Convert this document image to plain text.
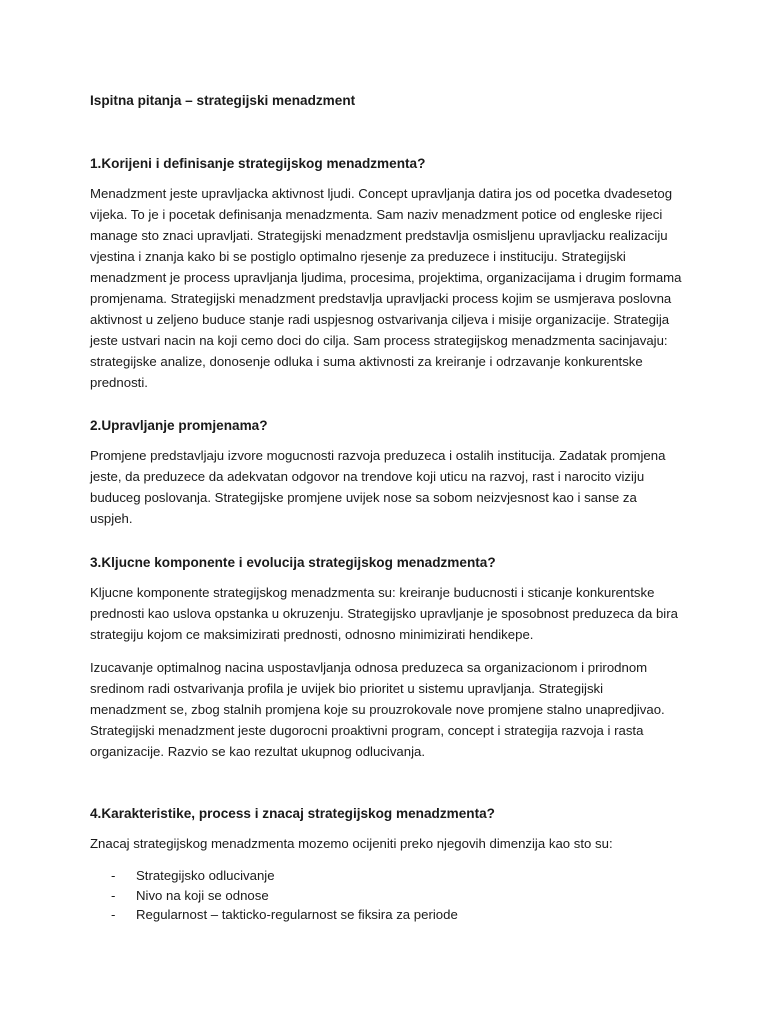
Ispitna pitanja – strategijski menadzment
1.Korijeni i definisanje strategijskog menadzmenta?

Menadzment jeste upravljacka aktivnost ljudi. Concept upravljanja datira jos od pocetka dvadesetog vijeka. To je i pocetak definisanja menadzmenta. Sam naziv menadzment potice od engleske rijeci manage sto znaci upravljati. Strategijski menadzment predstavlja osmisljenu upravljacku realizaciju vjestina i znanja kako bi se postiglo optimalno rjesenje za preduzece i instituciju. Strategijski menadzment je process upravljanja ljudima, procesima, projektima, organizacijama i drugim formama promjenama. Strategijski menadzment predstavlja upravljacki process kojim se usmjerava poslovna aktivnost u zeljeno buduce stanje radi uspjesnog ostvarivanja ciljeva i misije organizacije. Strategija jeste ustvari nacin na koji cemo doci do cilja. Sam process strategijskog menadzmenta sacinjavaju: strategijske analize, donosenje odluka i suma aktivnosti za kreiranje i odrzavanje konkurentske prednosti.

2.Upravljanje promjenama?

Promjene predstavljaju izvore mogucnosti razvoja preduzeca i ostalih institucija. Zadatak promjena jeste, da preduzece da adekvatan odgovor na trendove koji uticu na razvoj, rast i narocito viziju buduceg poslovanja. Strategijske promjene uvijek nose sa sobom neizvjesnost kao i sanse za uspjeh.

3.Kljucne komponente i evolucija strategijskog menadzmenta?

Kljucne komponente strategijskog menadzmenta su: kreiranje buducnosti i sticanje konkurentske prednosti kao uslova opstanka u okruzenju. Strategijsko upravljanje je sposobnost preduzeca da bira strategiju kojom ce maksimizirati prednosti, odnosno minimizirati hendikepe.

Izucavanje optimalnog nacina uspostavljanja odnosa preduzeca sa organizacionom i prirodnom sredinom radi ostvarivanja profila je uvijek bio prioritet u sistemu upravljanja. Strategijski menadzment se, zbog stalnih promjena koje su prouzrokovale nove promjene stalno unapredjivao. Strategijski menadzment jeste dugorocni proaktivni program, concept i strategija razvoja i rasta organizacije. Razvio se kao rezultat ukupnog odlucivanja.

4.Karakteristike, process i znacaj strategijskog menadzmenta?

Znacaj strategijskog menadzmenta mozemo ocijeniti preko njegovih dimenzija kao sto su:

- Strategijsko odlucivanje
- Nivo na koji se odnose
- Regularnost – takticko-regularnost se fiksira za periode
